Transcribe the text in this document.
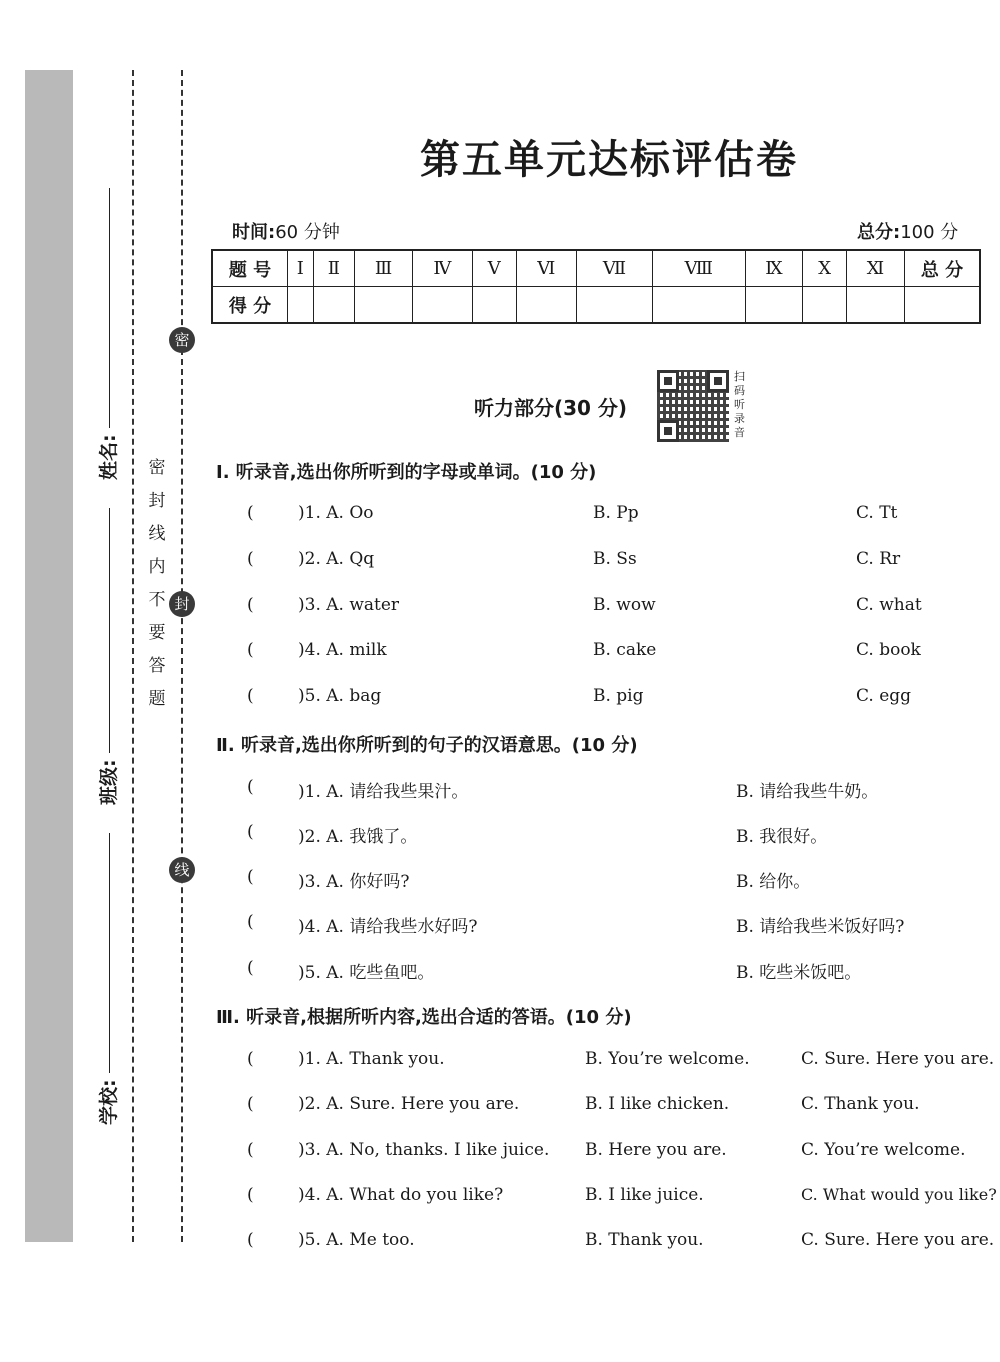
密
封
线
姓名:
班级:
学校:
密封线内不要答题
第五单元达标评估卷
时间:60 分钟	总分:100 分
题 号	Ⅰ	Ⅱ	Ⅲ	Ⅳ	Ⅴ	Ⅵ	Ⅶ	Ⅷ	Ⅸ	Ⅹ	Ⅺ	总 分
得 分												
听力部分(30 分)
扫码听录音
Ⅰ. 听录音,选出你所听到的字母或单词。(10 分)
(	)1. A. Oo	B. Pp	C. Tt
(	)2. A. Qq	B. Ss	C. Rr
(	)3. A. water	B. wow	C. what
(	)4. A. milk	B. cake	C. book
(	)5. A. bag	B. pig	C. egg
Ⅱ. 听录音,选出你所听到的句子的汉语意思。(10 分)
(	)1. A. 请给我些果汁。	B. 请给我些牛奶。
(	)2. A. 我饿了。	B. 我很好。
(	)3. A. 你好吗?	B. 给你。
(	)4. A. 请给我些水好吗?	B. 请给我些米饭好吗?
(	)5. A. 吃些鱼吧。	B. 吃些米饭吧。
Ⅲ. 听录音,根据所听内容,选出合适的答语。(10 分)
(	)1. A. Thank you.	B. You’re welcome.	C. Sure. Here you are.
(	)2. A. Sure. Here you are.	B. I like chicken.	C. Thank you.
(	)3. A. No, thanks. I like juice. B. Here you are.	C. You’re welcome.
(	)4. A. What do you like?	B. I like juice.	C. What would you like?
(	)5. A. Me too.	B. Thank you.	C. Sure. Here you are.
